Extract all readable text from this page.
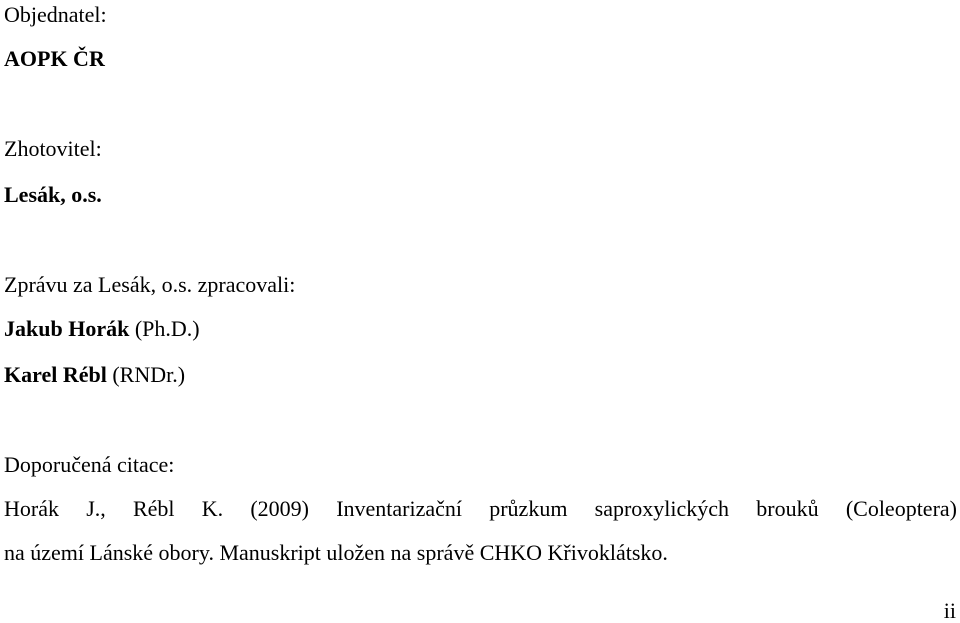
Objednatel:
AOPK ČR
Zhotovitel:
Lesák, o.s.
Zprávu za Lesák, o.s. zpracovali:
Jakub Horák (Ph.D.)
Karel Rébl (RNDr.)
Doporučená citace:
Horák J., Rébl K. (2009) Inventarizační průzkum saproxylických brouků (Coleoptera)
na území Lánské obory. Manuskript uložen na správě CHKO Křivoklátsko.
ii
